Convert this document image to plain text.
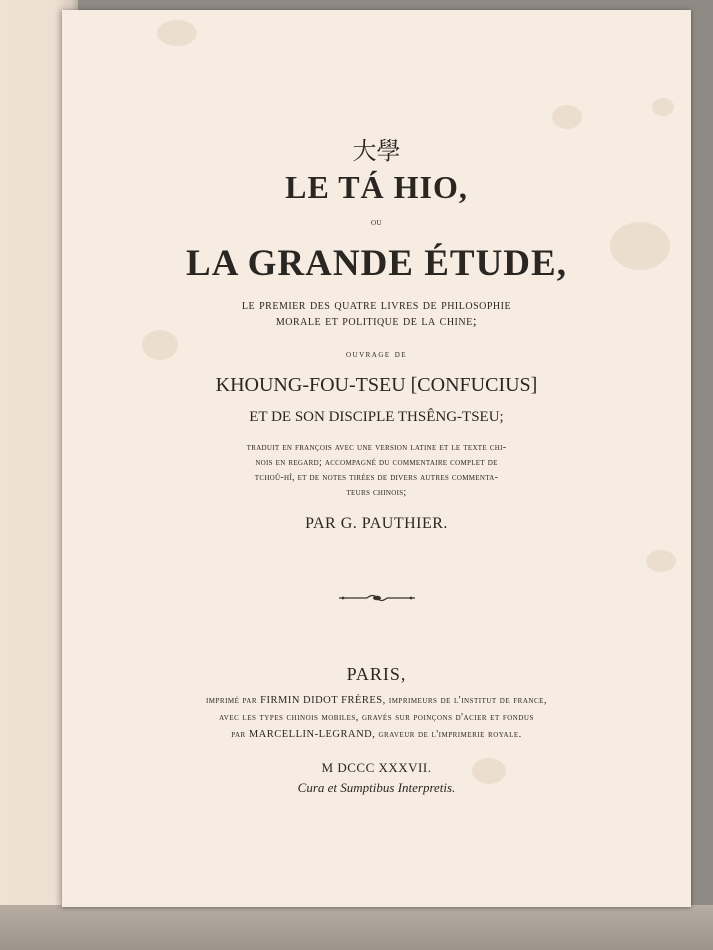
大學

LE TÁ HIO,

ou

LA GRANDE ÉTUDE,

le premier des quatre livres de philosophie

morale et politique de la chine;

ouvrage de

KHOUNG-FOU-TSEU [CONFUCIUS]

ET DE SON DISCIPLE THSÊNG-TSEU;

traduit en françois avec une version latine et le texte chi-

nois en regard; accompagné du commentaire complet de

tchoû-hî, et de notes tirées de divers autres commenta-

teurs chinois;

PAR G. PAUTHIER.

PARIS,

imprimé par FIRMIN DIDOT FRÈRES, imprimeurs de l'institut de france,

avec les types chinois mobiles, gravés sur poinçons d'acier et fondus

par MARCELLIN-LEGRAND, graveur de l'imprimerie royale.

M DCCC XXXVII.

Cura et Sumptibus Interpretis.
